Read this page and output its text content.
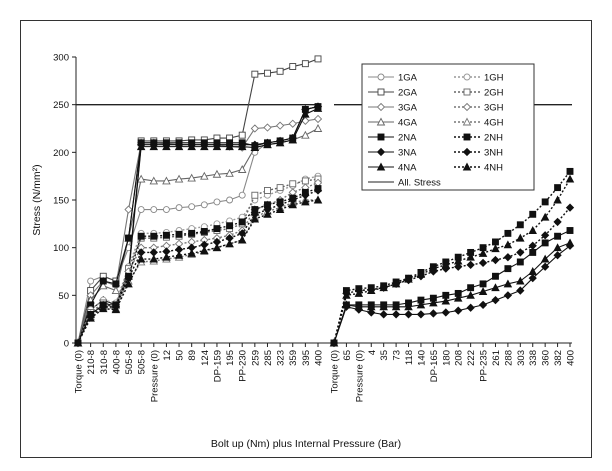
0
50
100
150
200
250
300
Torque (0) 210-8 310-8 400-8 505-8 505-8 Pressure (0) 12 50 89 124 DP-159 195 PP-230 259 285 323 359 395 400 Torque (0) 65 Pressure (0) 4 35 73 118 140 DP-165 180 208 222 PP-235 261 288 303 338 360 382 400
Stress (N/mm²)
Bolt up (Nm) plus Internal Pressure (Bar)
1GA	1GH
2GA	2GH
3GA	3GH
4GA	4GH
2NA	2NH
3NA	3NH
4NA	4NH
All. Stress
